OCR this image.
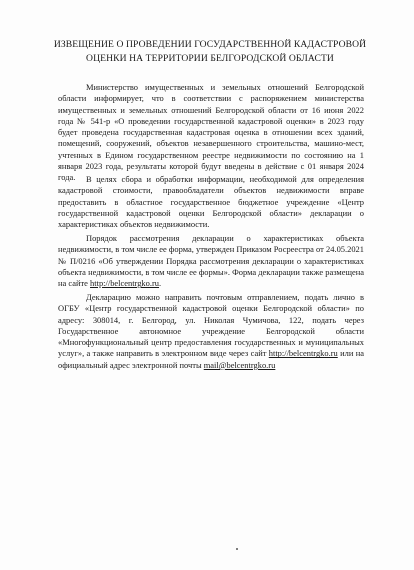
ИЗВЕЩЕНИЕ О ПРОВЕДЕНИИ ГОСУДАРСТВЕННОЙ КАДАСТРОВОЙ
ОЦЕНКИ НА ТЕРРИТОРИИ БЕЛГОРОДСКОЙ ОБЛАСТИ

Министерство имущественных и земельных отношений Белгородской области информирует, что в соответствии с распоряжением министерства имущественных и земельных отношений Белгородской области от 16 июня 2022 года № 541-р «О проведении государственной кадастровой оценки» в 2023 году будет проведена государственная кадастровая оценка в отношении всех зданий, помещений, сооружений, объектов незавершенного строительства, машино-мест, учтенных в Едином государственном реестре недвижимости по состоянию на 1 января 2023 года, результаты которой будут введены в действие с 01 января 2024 года.	В целях сбора и обработки информации, необходимой для определения кадастровой стоимости, правообладатели объектов недвижимости вправе предоставить в областное государственное бюджетное учреждение «Центр государственной кадастровой оценки Белгородской области» декларации о характеристиках объектов недвижимости.

Порядок рассмотрения декларации о характеристиках объекта недвижимости, в том числе ее форма, утвержден Приказом Росреестра от 24.05.2021 № П/0216 «Об утверждении Порядка рассмотрения декларации о характеристиках объекта недвижимости, в том числе ее формы». Форма декларации также размещена на сайте http://belcentrgko.ru.

Декларацию можно направить почтовым отправлением, подать лично в ОГБУ «Центр государственной кадастровой оценки Белгородской области» по адресу: 308014, г. Белгород, ул. Николая Чумичова, 122, подать через Государственное автономное учреждение Белгородской области «Многофункциональный центр предоставления государственных и муниципальных услуг», а также направить в электронном виде через сайт http://belcentrgko.ru или на официальный адрес электронной почты mail@belcentrgko.ru
